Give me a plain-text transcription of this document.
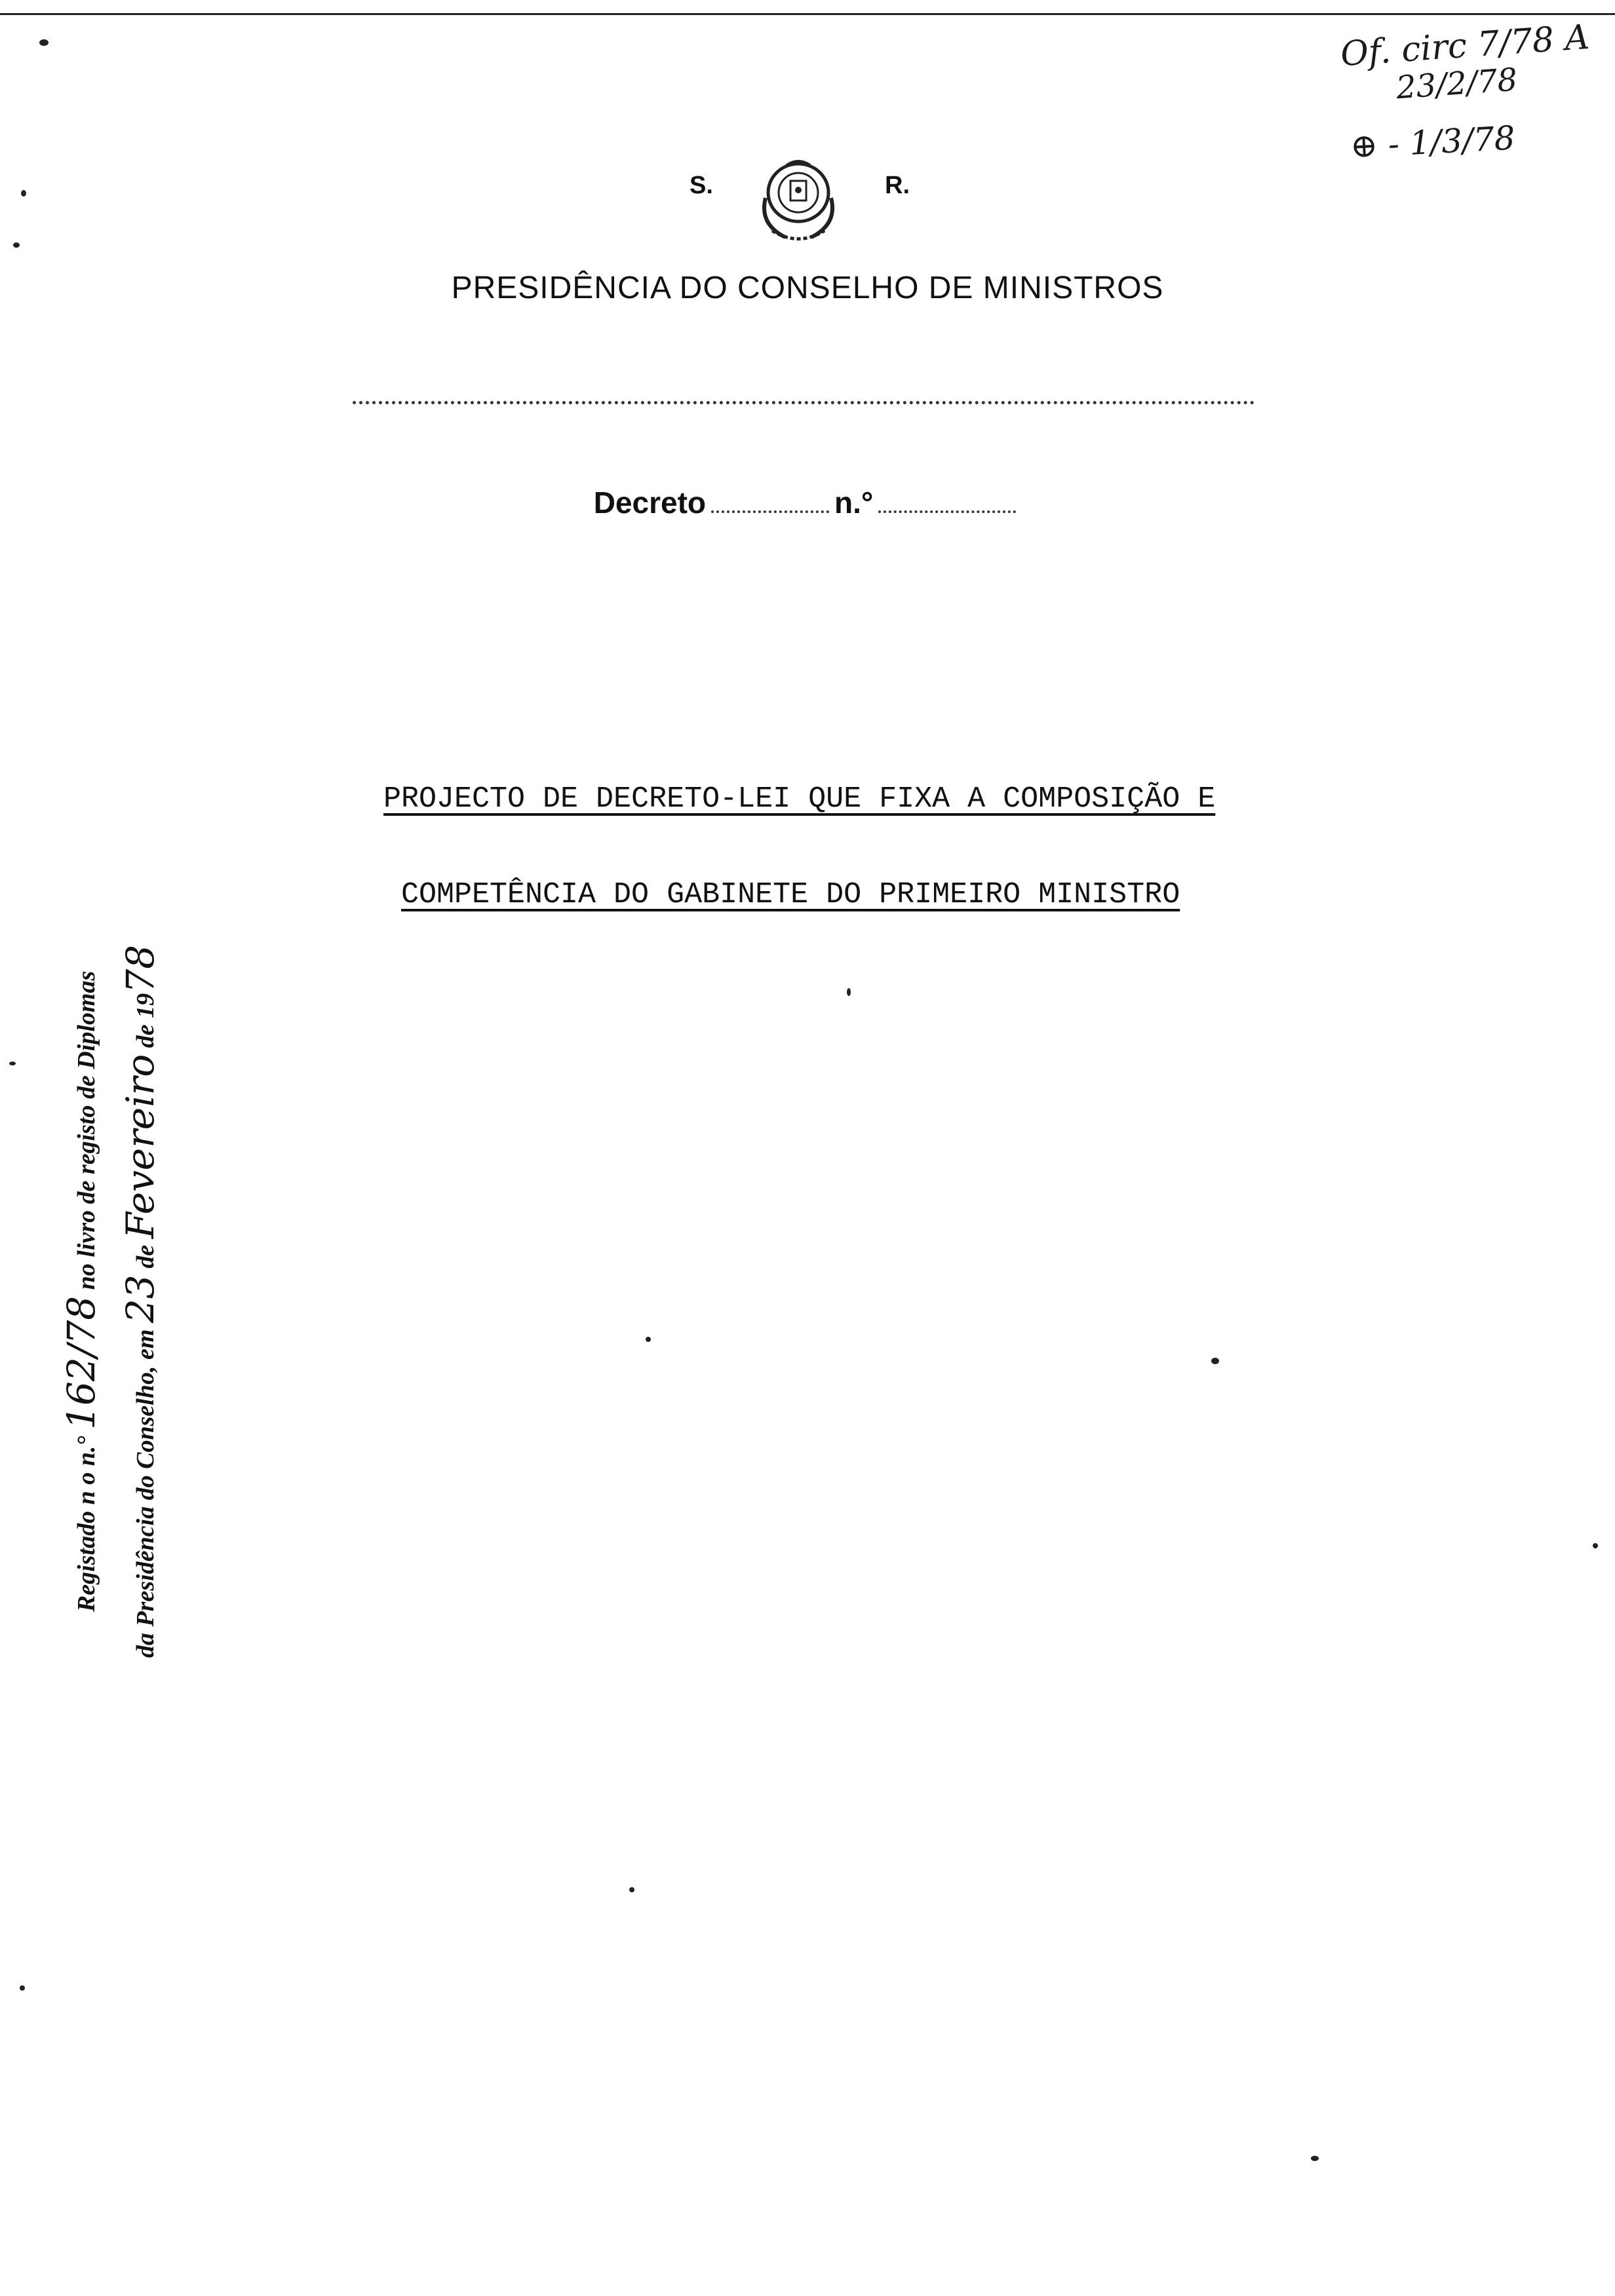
Of. circ 7/78 A
23/2/78
⊕ - 1/3/78
S.	R.
PRESIDÊNCIA DO CONSELHO DE MINISTROS
Decreto	n.°
PROJECTO DE DECRETO-LEI QUE FIXA A COMPOSIÇÃO E
COMPETÊNCIA DO GABINETE DO PRIMEIRO MINISTRO
Registado n o n.° 162/78 no livro de registo de Diplomas
da Presidência do Conselho, em 23 de Fevereiro de 1978
